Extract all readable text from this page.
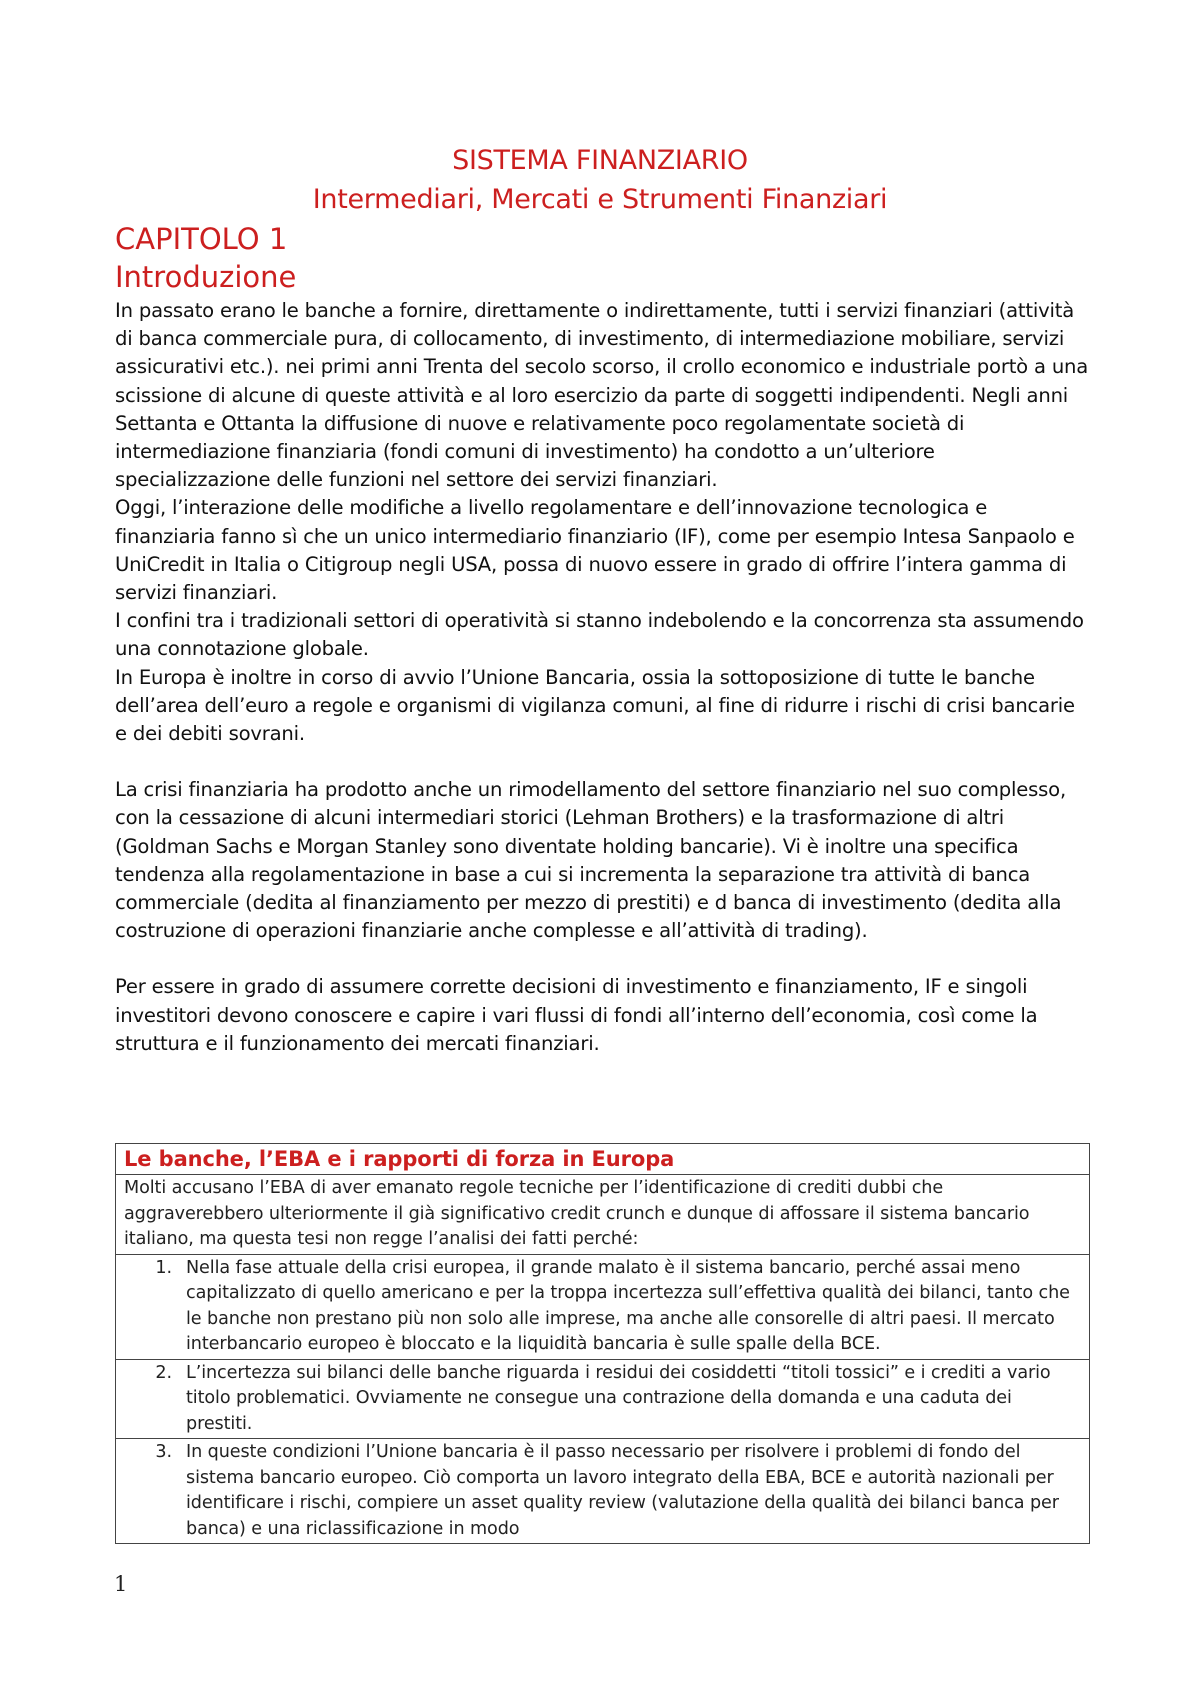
SISTEMA FINANZIARIO
Intermediari, Mercati e Strumenti Finanziari
CAPITOLO 1
Introduzione

In passato erano le banche a fornire, direttamente o indirettamente, tutti i servizi finanziari (attività di banca commerciale pura, di collocamento, di investimento, di intermediazione mobiliare, servizi assicurativi etc.). nei primi anni Trenta del secolo scorso, il crollo economico e industriale portò a una scissione di alcune di queste attività e al loro esercizio da parte di soggetti indipendenti. Negli anni Settanta e Ottanta la diffusione di nuove e relativamente poco regolamentate società di intermediazione finanziaria (fondi comuni di investimento) ha condotto a un’ulteriore specializzazione delle funzioni nel settore dei servizi finanziari.

Oggi, l’interazione delle modifiche a livello regolamentare e dell’innovazione tecnologica e finanziaria fanno sì che un unico intermediario finanziario (IF), come per esempio Intesa Sanpaolo e UniCredit in Italia o Citigroup negli USA, possa di nuovo essere in grado di offrire l’intera gamma di servizi finanziari.

I confini tra i tradizionali settori di operatività si stanno indebolendo e la concorrenza sta assumendo una connotazione globale.

In Europa è inoltre in corso di avvio l’Unione Bancaria, ossia la sottoposizione di tutte le banche dell’area dell’euro a regole e organismi di vigilanza comuni, al fine di ridurre i rischi di crisi bancarie e dei debiti sovrani.

La crisi finanziaria ha prodotto anche un rimodellamento del settore finanziario nel suo complesso, con la cessazione di alcuni intermediari storici (Lehman Brothers) e la trasformazione di altri (Goldman Sachs e Morgan Stanley sono diventate holding bancarie). Vi è inoltre una specifica tendenza alla regolamentazione in base a cui si incrementa la separazione tra attività di banca commerciale (dedita al finanziamento per mezzo di prestiti) e d banca di investimento (dedita alla costruzione di operazioni finanziarie anche complesse e all’attività di trading).

Per essere in grado di assumere corrette decisioni di investimento e finanziamento, IF e singoli investitori devono conoscere e capire i vari flussi di fondi all’interno dell’economia, così come la struttura e il funzionamento dei mercati finanziari.

Le banche, l’EBA e i rapporti di forza in Europa
Molti accusano l’EBA di aver emanato regole tecniche per l’identificazione di crediti dubbi che aggraverebbero ulteriormente il già significativo credit crunch e dunque di affossare il sistema bancario italiano, ma questa tesi non regge l’analisi dei fatti perché:

1. Nella fase attuale della crisi europea, il grande malato è il sistema bancario, perché assai meno capitalizzato di quello americano e per la troppa incertezza sull’effettiva qualità dei bilanci, tanto che le banche non prestano più non solo alle imprese, ma anche alle consorelle di altri paesi. Il mercato interbancario europeo è bloccato e la liquidità bancaria è sulle spalle della BCE.

2. L’incertezza sui bilanci delle banche riguarda i residui dei cosiddetti “titoli tossici” e i crediti a vario titolo problematici. Ovviamente ne consegue una contrazione della domanda e una caduta dei prestiti.

3. In queste condizioni l’Unione bancaria è il passo necessario per risolvere i problemi di fondo del sistema bancario europeo. Ciò comporta un lavoro integrato della EBA, BCE e autorità nazionali per identificare i rischi, compiere un asset quality review (valutazione della qualità dei bilanci banca per banca) e una riclassificazione in modo
1
